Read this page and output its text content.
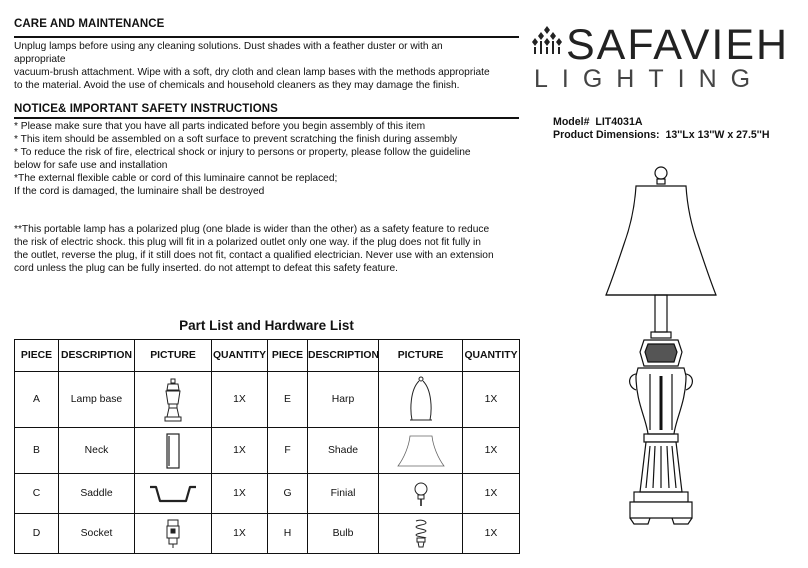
CARE AND MAINTENANCE
Unplug lamps before using any cleaning solutions. Dust shades with a feather duster or with an
appropriate
vacuum-brush attachment. Wipe with a soft, dry cloth and clean lamp bases with the methods appropriate
to the material. Avoid the use of chemicals and household cleaners as they may damage the finish.
NOTICE& IMPORTANT SAFETY INSTRUCTIONS
* Please make sure that you have all parts indicated before you begin assembly of this item
* This item should be assembled on a soft surface to prevent scratching the finish during assembly
* To reduce the risk of fire, electrical shock or injury to persons or property, please follow the guideline
below for safe use and installation
*The external flexible cable or cord of this luminaire cannot be replaced;
If the cord is damaged, the luminaire shall be destroyed
**This portable lamp has a polarized plug (one blade is wider than the other) as a safety feature to reduce
the risk of electric shock. this plug will fit in a polarized outlet only one way. if the plug does not fit fully in
the outlet, reverse the plug, if it still does not fit, contact a qualified electrician. Never use with an extension
cord unless the plug can be fully inserted. do not attempt to defeat this safety feature.
SAFAVIEH
LIGHTING
Model# LIT4031A
Product Dimensions: 13''Lx 13''W x 27.5''H
Part List and Hardware List
PIECE	DESCRIPTION	PICTURE	QUANTITY	PIECE	DESCRIPTION	PICTURE	QUANTITY
A	Lamp base		1X	E	Harp		1X
B	Neck		1X	F	Shade		1X
C	Saddle		1X	G	Finial		1X
D	Socket		1X	H	Bulb		1X
